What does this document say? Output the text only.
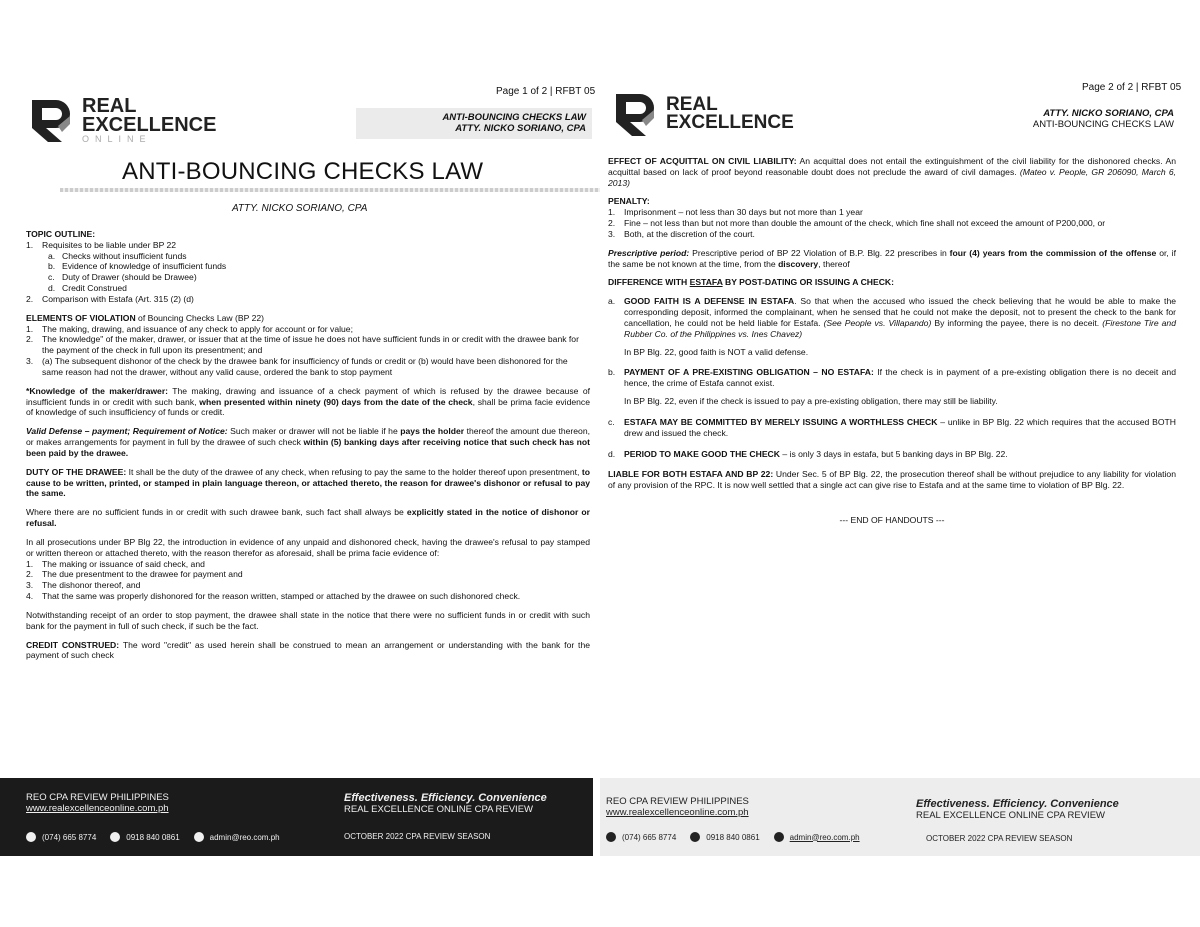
Page 1 of 2 | RFBT 05
REAL
EXCELLENCE
ONLINE
ANTI-BOUNCING CHECKS LAW
ATTY. NICKO SORIANO, CPA
ANTI-BOUNCING CHECKS LAW
ATTY. NICKO SORIANO, CPA
TOPIC OUTLINE:
1.	Requisites to be liable under BP 22
a. Checks without insufficient funds
b. Evidence of knowledge of insufficient funds
c. Duty of Drawer (should be Drawee)
d. Credit Construed
2.	Comparison with Estafa (Art. 315 (2) (d)
ELEMENTS OF VIOLATION of Bouncing Checks Law (BP 22)
1.	The making, drawing, and issuance of any check to apply for account or for value;
2.	The knowledge" of the maker, drawer, or issuer that at the time of issue he does not have sufficient funds in or credit with the drawee bank for the payment of the check in full upon its presentment; and
3.	(a) The subsequent dishonor of the check by the drawee bank for insufficiency of funds or credit or (b) would have been dishonored for the same reason had not the drawer, without any valid cause, ordered the bank to stop payment

*Knowledge of the maker/drawer: The making, drawing and issuance of a check payment of which is refused by the drawee because of insufficient funds in or credit with such bank, when presented within ninety (90) days from the date of the check, shall be prima facie evidence of knowledge of such insufficiency of funds or credit.

Valid Defense – payment; Requirement of Notice: Such maker or drawer will not be liable if he pays the holder thereof the amount due thereon, or makes arrangements for payment in full by the drawee of such check within (5) banking days after receiving notice that such check has not been paid by the drawee.

DUTY OF THE DRAWEE: It shall be the duty of the drawee of any check, when refusing to pay the same to the holder thereof upon presentment, to cause to be written, printed, or stamped in plain language thereon, or attached thereto, the reason for drawee's dishonor or refusal to pay the same.

Where there are no sufficient funds in or credit with such drawee bank, such fact shall always be explicitly stated in the notice of dishonor or refusal.

In all prosecutions under BP Blg 22, the introduction in evidence of any unpaid and dishonored check, having the drawee's refusal to pay stamped or written thereon or attached thereto, with the reason therefor as aforesaid, shall be prima facie evidence of:
1.	The making or issuance of said check, and
2.	The due presentment to the drawee for payment and
3.	The dishonor thereof, and
4.	That the same was properly dishonored for the reason written, stamped or attached by the drawee on such dishonored check.

Notwithstanding receipt of an order to stop payment, the drawee shall state in the notice that there were no sufficient funds in or credit with such bank for the payment in full of such check, if such be the fact.

CREDIT CONSTRUED: The word "credit" as used herein shall be construed to mean an arrangement or understanding with the bank for the payment of such check

REO CPA REVIEW PHILIPPINES
www.realexcellenceonline.com.ph
Effectiveness. Efficiency. Convenience
REAL EXCELLENCE ONLINE CPA REVIEW
(074) 665 8774	0918 840 0861	admin@reo.com.ph	OCTOBER 2022 CPA REVIEW SEASON
Page 2 of 2 | RFBT 05
REAL
EXCELLENCE	ATTY. NICKO SORIANO, CPA
ANTI-BOUNCING CHECKS LAW

EFFECT OF ACQUITTAL ON CIVIL LIABILITY: An acquittal does not entail the extinguishment of the civil liability for the dishonored checks. An acquittal based on lack of proof beyond reasonable doubt does not preclude the award of civil damages. (Mateo v. People, GR 206090, March 6, 2013)

PENALTY:
1.	Imprisonment – not less than 30 days but not more than 1 year
2.	Fine – not less than but not more than double the amount of the check, which fine shall not exceed the amount of P200,000, or
3.	Both, at the discretion of the court.

Prescriptive period: Prescriptive period of BP 22 Violation of B.P. Blg. 22 prescribes in four (4) years from the commission of the offense or, if the same be not known at the time, from the discovery, thereof

DIFFERENCE WITH ESTAFA BY POST-DATING OR ISSUING A CHECK:

a.	GOOD FAITH IS A DEFENSE IN ESTAFA. So that when the accused who issued the check believing that he would be able to make the corresponding deposit, informed the complainant, when he sensed that he could not make the deposit, not to present the check to the bank for cancellation, he could not be held liable for Estafa. (See People vs. Villapando) By informing the payee, there is no deceit. (Firestone Tire and Rubber Co. of the Philippines vs. Ines Chavez)
In BP Blg. 22, good faith is NOT a valid defense.
b.	PAYMENT OF A PRE-EXISTING OBLIGATION – NO ESTAFA: If the check is in payment of a pre-existing obligation there is no deceit and hence, the crime of Estafa cannot exist.
In BP Blg. 22, even if the check is issued to pay a pre-existing obligation, there may still be liability.
c.	ESTAFA MAY BE COMMITTED BY MERELY ISSUING A WORTHLESS CHECK – unlike in BP Blg. 22 which requires that the accused BOTH drew and issued the check.
d.	PERIOD TO MAKE GOOD THE CHECK – is only 3 days in estafa, but 5 banking days in BP Blg. 22.

LIABLE FOR BOTH ESTAFA AND BP 22: Under Sec. 5 of BP Blg. 22, the prosecution thereof shall be without prejudice to any liability for violation of any provision of the RPC. It is now well settled that a single act can give rise to Estafa and at the same time to violation of BP Blg. 22.

--- END OF HANDOUTS ---
REO CPA REVIEW PHILIPPINES
www.realexcellenceonline.com.ph
Effectiveness. Efficiency. Convenience
REAL EXCELLENCE ONLINE CPA REVIEW
(074) 665 8774	0918 840 0861	admin@reo.com.ph	OCTOBER 2022 CPA REVIEW SEASON
